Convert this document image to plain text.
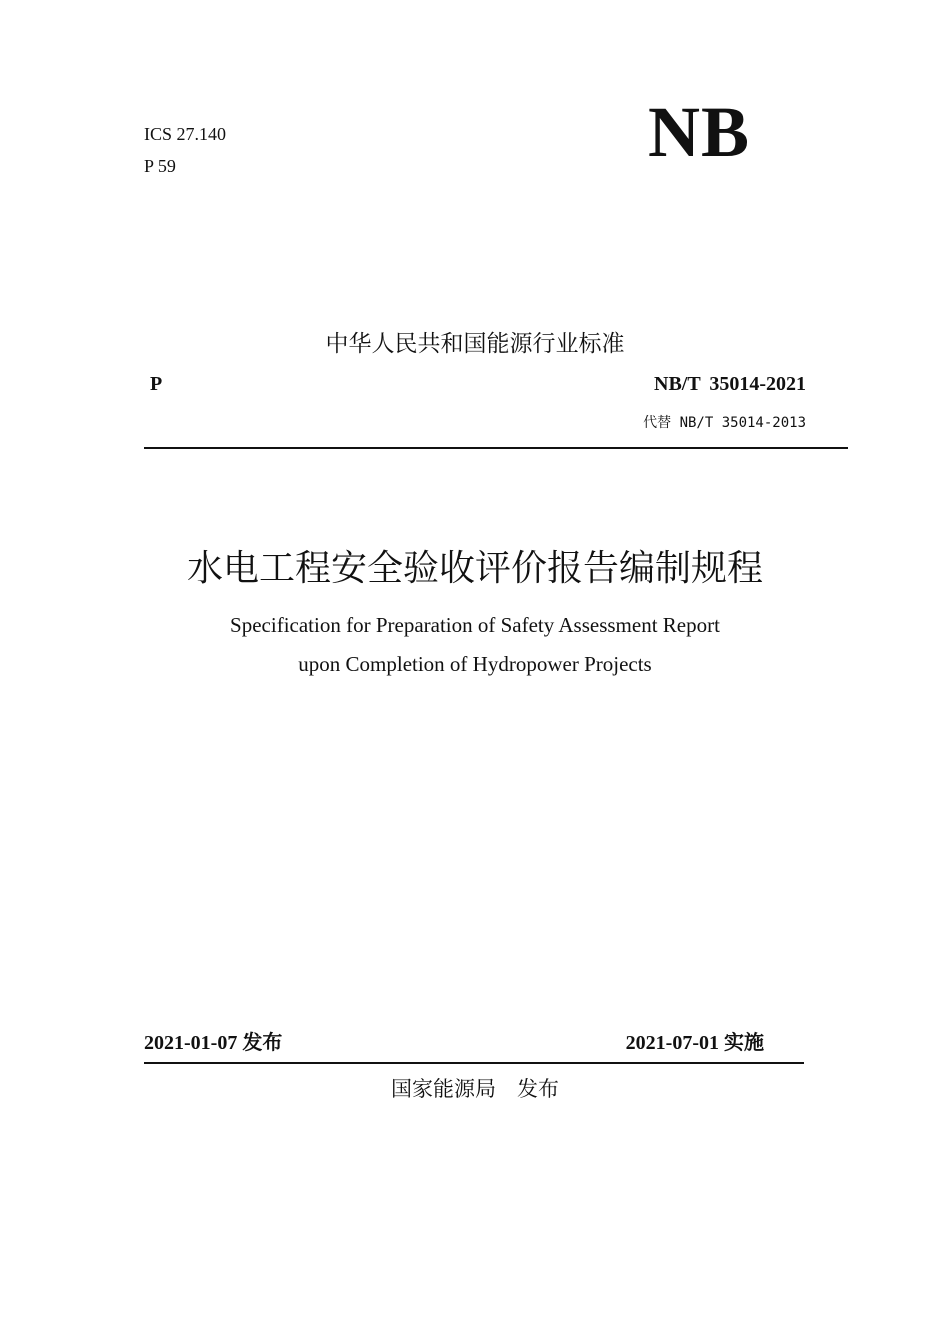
ICS 27.140
P 59	NB
中华人民共和国能源行业标准
P	NB/T 35014-2021
代替 NB/T 35014-2013
水电工程安全验收评价报告编制规程
Specification for Preparation of Safety Assessment Report
upon Completion of Hydropower Projects
2021-01-07 发布	2021-07-01 实施
国家能源局　发布
